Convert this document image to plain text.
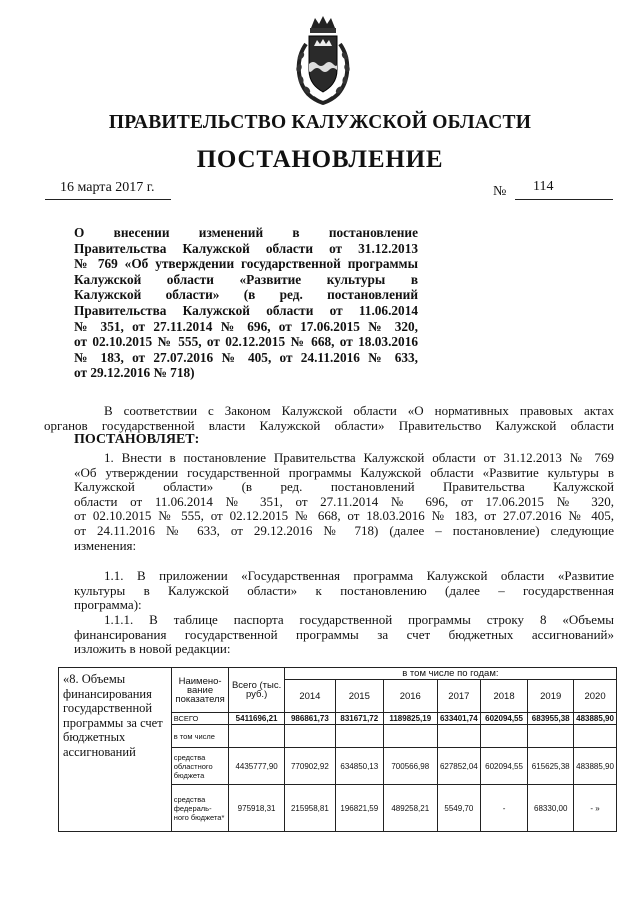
ПРАВИТЕЛЬСТВО КАЛУЖСКОЙ ОБЛАСТИ
ПОСТАНОВЛЕНИЕ
16 марта 2017 г.	№ 114
О внесении изменений в постановление
Правительства Калужской области от 31.12.2013
№ 769 «Об утверждении государственной программы
Калужской области «Развитие культуры в
Калужской области» (в ред. постановлений
Правительства Калужской области от 11.06.2014
№ 351, от 27.11.2014 № 696, от 17.06.2015 № 320,
от 02.10.2015 № 555, от 02.12.2015 № 668, от 18.03.2016
№ 183, от 27.07.2016 № 405, от 24.11.2016 № 633,
от 29.12.2016 № 718)

В соответствии с Законом Калужской области «О нормативных правовых актах
органов государственной власти Калужской области» Правительство Калужской области

ПОСТАНОВЛЯЕТ:

1. Внести в постановление Правительства Калужской области от 31.12.2013 № 769
«Об утверждении государственной программы Калужской области «Развитие культуры в
Калужской области» (в ред. постановлений Правительства Калужской
области от 11.06.2014 № 351, от 27.11.2014 № 696, от 17.06.2015 № 320,
от 02.10.2015 № 555, от 02.12.2015 № 668, от 18.03.2016 № 183, от 27.07.2016 № 405,
от 24.11.2016 № 633, от 29.12.2016 № 718) (далее – постановление) следующие
изменения:

1.1. В приложении «Государственная программа Калужской области «Развитие
культуры в Калужской области» к постановлению (далее – государственная
программа):

1.1.1. В таблице паспорта государственной программы строку 8 «Объемы
финансирования государственной программы за счет бюджетных ассигнований»
изложить в новой редакции:

«8. Объемы финансирования государственной программы за счет бюджетных ассигнований	Наимено-вание показателя	Всего (тыс. руб.)	в том числе по годам:						
			2014	2015	2016	2017	2018	2019	2020
	ВСЕГО	5411696,21	986861,73	831671,72	1189825,19	633401,74	602094,55	683955,38	483885,90
	в том числе								
	средства областного бюджета	4435777,90	770902,92	634850,13	700566,98	627852,04	602094,55	615625,38	483885,90
	средства федераль-ного бюджета*	975918,31	215958,81	196821,59	489258,21	5549,70	-	68330,00	- »
